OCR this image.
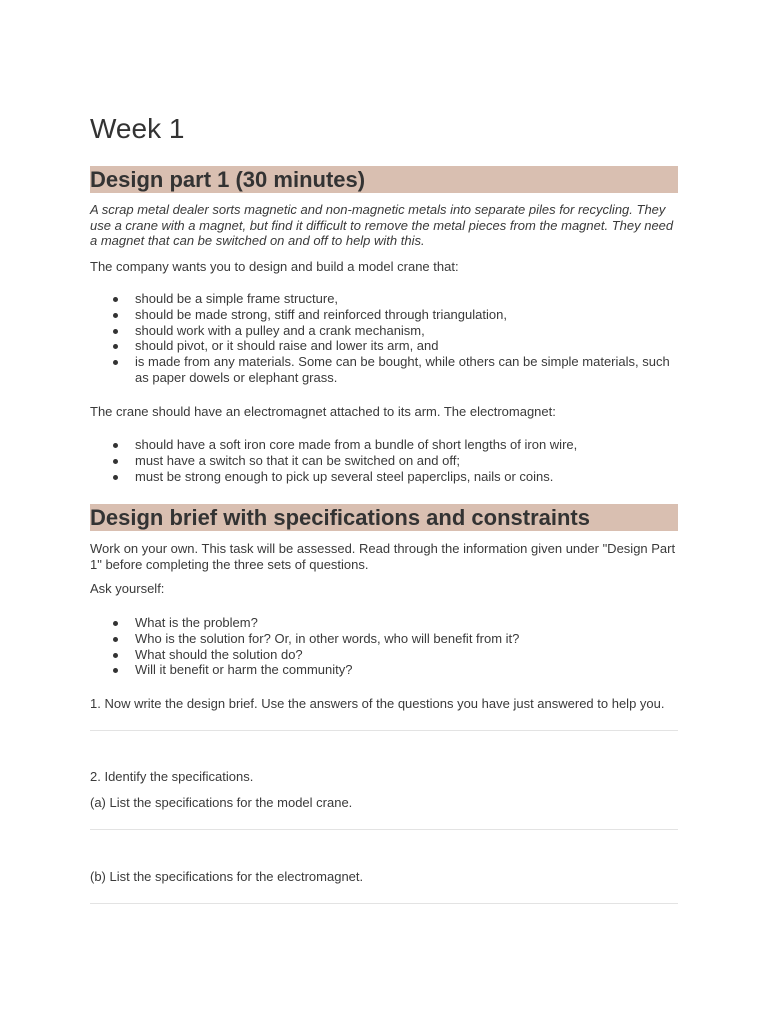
Week 1
Design part 1 (30 minutes)

A scrap metal dealer sorts magnetic and non-magnetic metals into separate piles for recycling. They use a crane with a magnet, but find it difficult to remove the metal pieces from the magnet. They need a magnet that can be switched on and off to help with this.

The company wants you to design and build a model crane that:

should be a simple frame structure,
should be made strong, stiff and reinforced through triangulation,
should work with a pulley and a crank mechanism,
should pivot, or it should raise and lower its arm, and
is made from any materials. Some can be bought, while others can be simple materials, such as paper dowels or elephant grass.

The crane should have an electromagnet attached to its arm. The electromagnet:

should have a soft iron core made from a bundle of short lengths of iron wire,
must have a switch so that it can be switched on and off;
must be strong enough to pick up several steel paperclips, nails or coins.
Design brief with specifications and constraints

Work on your own. This task will be assessed. Read through the information given under "Design Part 1" before completing the three sets of questions.

Ask yourself:

What is the problem?
Who is the solution for? Or, in other words, who will benefit from it?
What should the solution do?
Will it benefit or harm the community?

1. Now write the design brief. Use the answers of the questions you have just answered to help you.

2. Identify the specifications.

(a) List the specifications for the model crane.

(b) List the specifications for the electromagnet.
